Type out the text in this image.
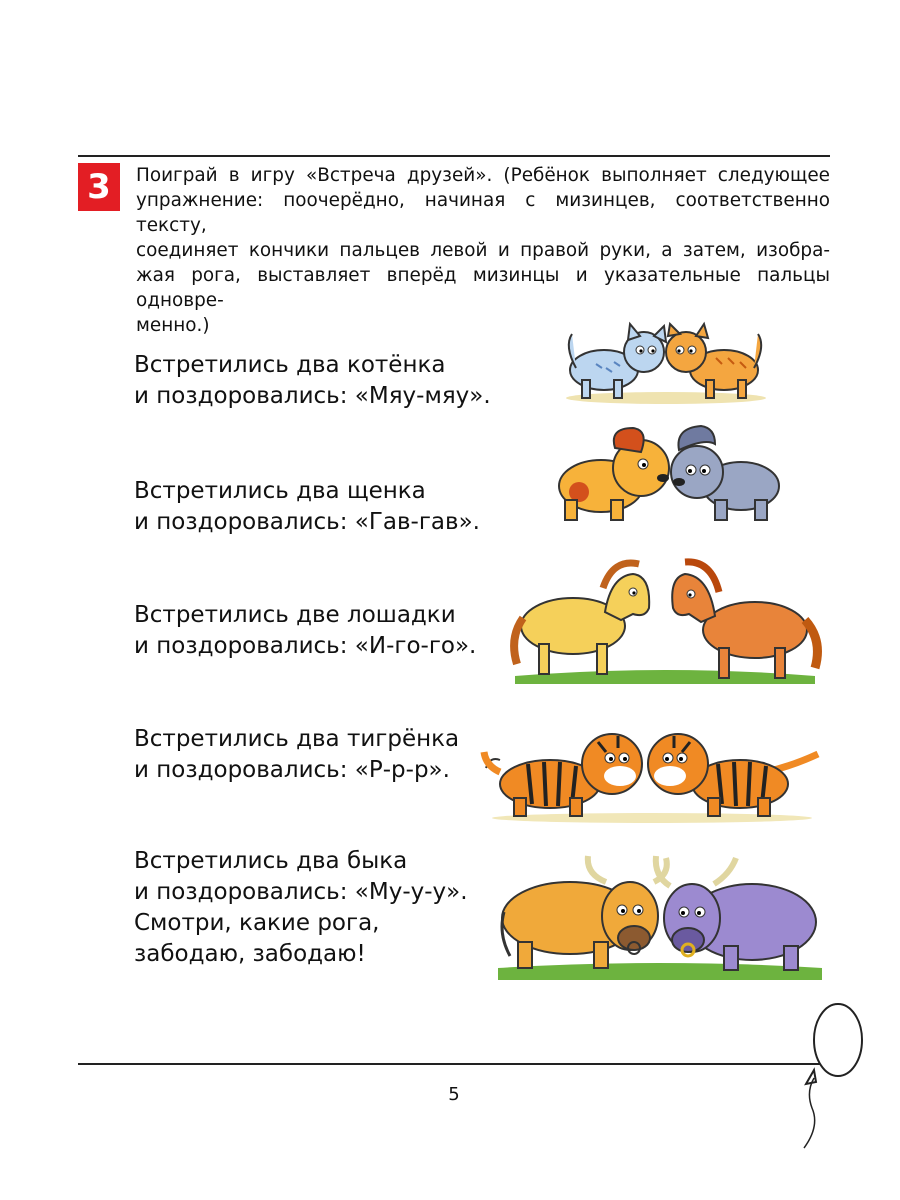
3	Поиграй в игру «Встреча друзей». (Ребёнок выполняет следующее
упражнение: поочерёдно, начиная с мизинцев, соответственно тексту,
соединяет кончики пальцев левой и правой руки, а затем, изобра-
жая рога, выставляет вперёд мизинцы и указательные пальцы одновре-
менно.)
Встретились два котёнка
и поздоровались: «Мяу-мяу».
Встретились два щенка
и поздоровались: «Гав-гав».
Встретились две лошадки
и поздоровались: «И-го-го».
Встретились два тигрёнка
и поздоровались: «Р-р-р».
Встретились два быка
и поздоровались: «Му-у-у».
Смотри, какие рога,
забодаю, забодаю!
5
